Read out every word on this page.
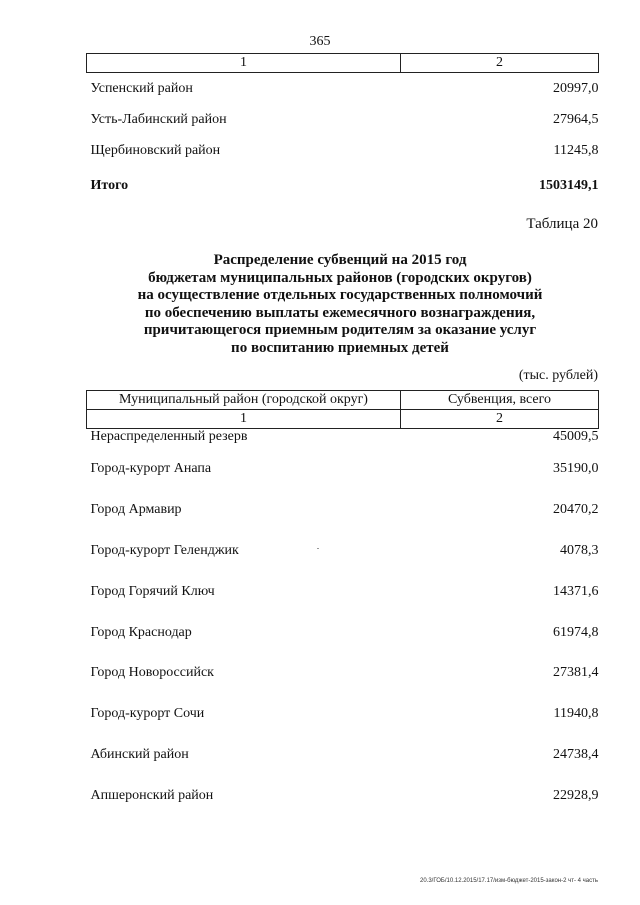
365
1	2
Успенский район	20997,0
Усть-Лабинский район	27964,5
Щербиновский район	11245,8
Итого	1503149,1
Таблица 20
Распределение субвенций на 2015 год
бюджетам муниципальных районов (городских округов)
на осуществление отдельных государственных полномочий
по обеспечению выплаты ежемесячного вознаграждения,
причитающегося приемным родителям за оказание услуг
по воспитанию приемных детей
(тыс. рублей)
Муниципальный район (городской округ)	Субвенция, всего
1	2
Нераспределенный резерв	45009,5
Город-курорт Анапа	35190,0
Город Армавир	20470,2
Город-курорт Геленджик	4078,3
Город Горячий Ключ	14371,6
Город Краснодар	61974,8
Город Новороссийск	27381,4
Город-курорт Сочи	11940,8
Абинский район	24738,4
Апшеронский район	22928,9
20.3/ГОБ/10.12.2015/17.17/изм-бюджет-2015-закон-2 чт- 4 часть
